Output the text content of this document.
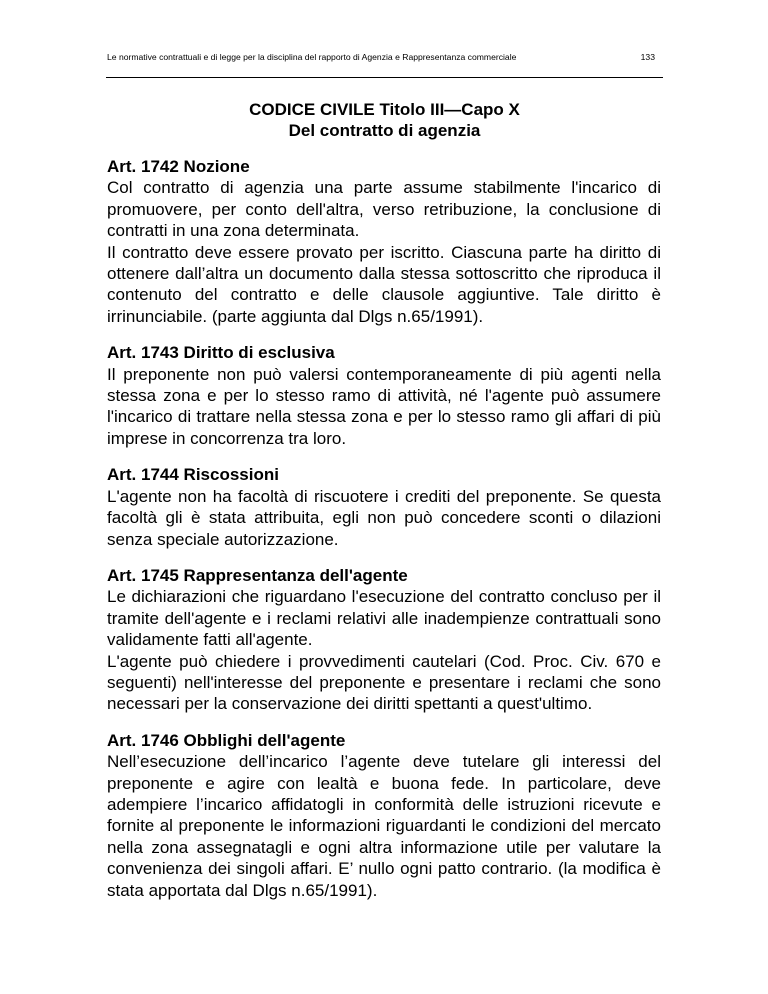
Le normative contrattuali e di legge per la disciplina del rapporto di Agenzia e Rappresentanza commerciale	133
CODICE CIVILE Titolo III—Capo X
Del contratto di agenzia
Art. 1742 Nozione

Col contratto di agenzia una parte assume stabilmente l'incarico di promuovere, per conto dell'altra, verso retribuzione, la conclusione di contratti in una zona determinata.

Il contratto deve essere provato per iscritto. Ciascuna parte ha diritto di ottenere dall’altra un documento dalla stessa sottoscritto che riproduca il contenuto del contratto e delle clausole aggiuntive. Tale diritto è irrinunciabile. (parte aggiunta dal Dlgs n.65/1991).

Art. 1743 Diritto di esclusiva

Il preponente non può valersi contemporaneamente di più agenti nella stessa zona e per lo stesso ramo di attività, né l'agente può assumere l'incarico di trattare nella stessa zona e per lo stesso ramo gli affari di più imprese in concorrenza tra loro.

Art. 1744 Riscossioni

L'agente non ha facoltà di riscuotere i crediti del preponente. Se questa facoltà gli è stata attribuita, egli non può concedere sconti o dilazioni senza speciale autorizzazione.

Art. 1745 Rappresentanza dell'agente

Le dichiarazioni che riguardano l'esecuzione del contratto concluso per il tramite dell'agente e i reclami relativi alle inadempienze contrattuali sono validamente fatti all'agente.

L'agente può chiedere i provvedimenti cautelari (Cod. Proc. Civ. 670 e seguenti) nell'interesse del preponente e presentare i reclami che sono necessari per la conservazione dei diritti spettanti a quest'ultimo.

Art. 1746 Obblighi dell'agente

Nell’esecuzione dell’incarico l’agente deve tutelare gli interessi del preponente e agire con lealtà e buona fede. In particolare, deve adempiere l’incarico affidatogli in conformità delle istruzioni ricevute e fornite al preponente le informazioni riguardanti le condizioni del mercato nella zona assegnatagli e ogni altra informazione utile per valutare la convenienza dei singoli affari. E’ nullo ogni patto contrario. (la modifica è stata apportata dal Dlgs n.65/1991).
